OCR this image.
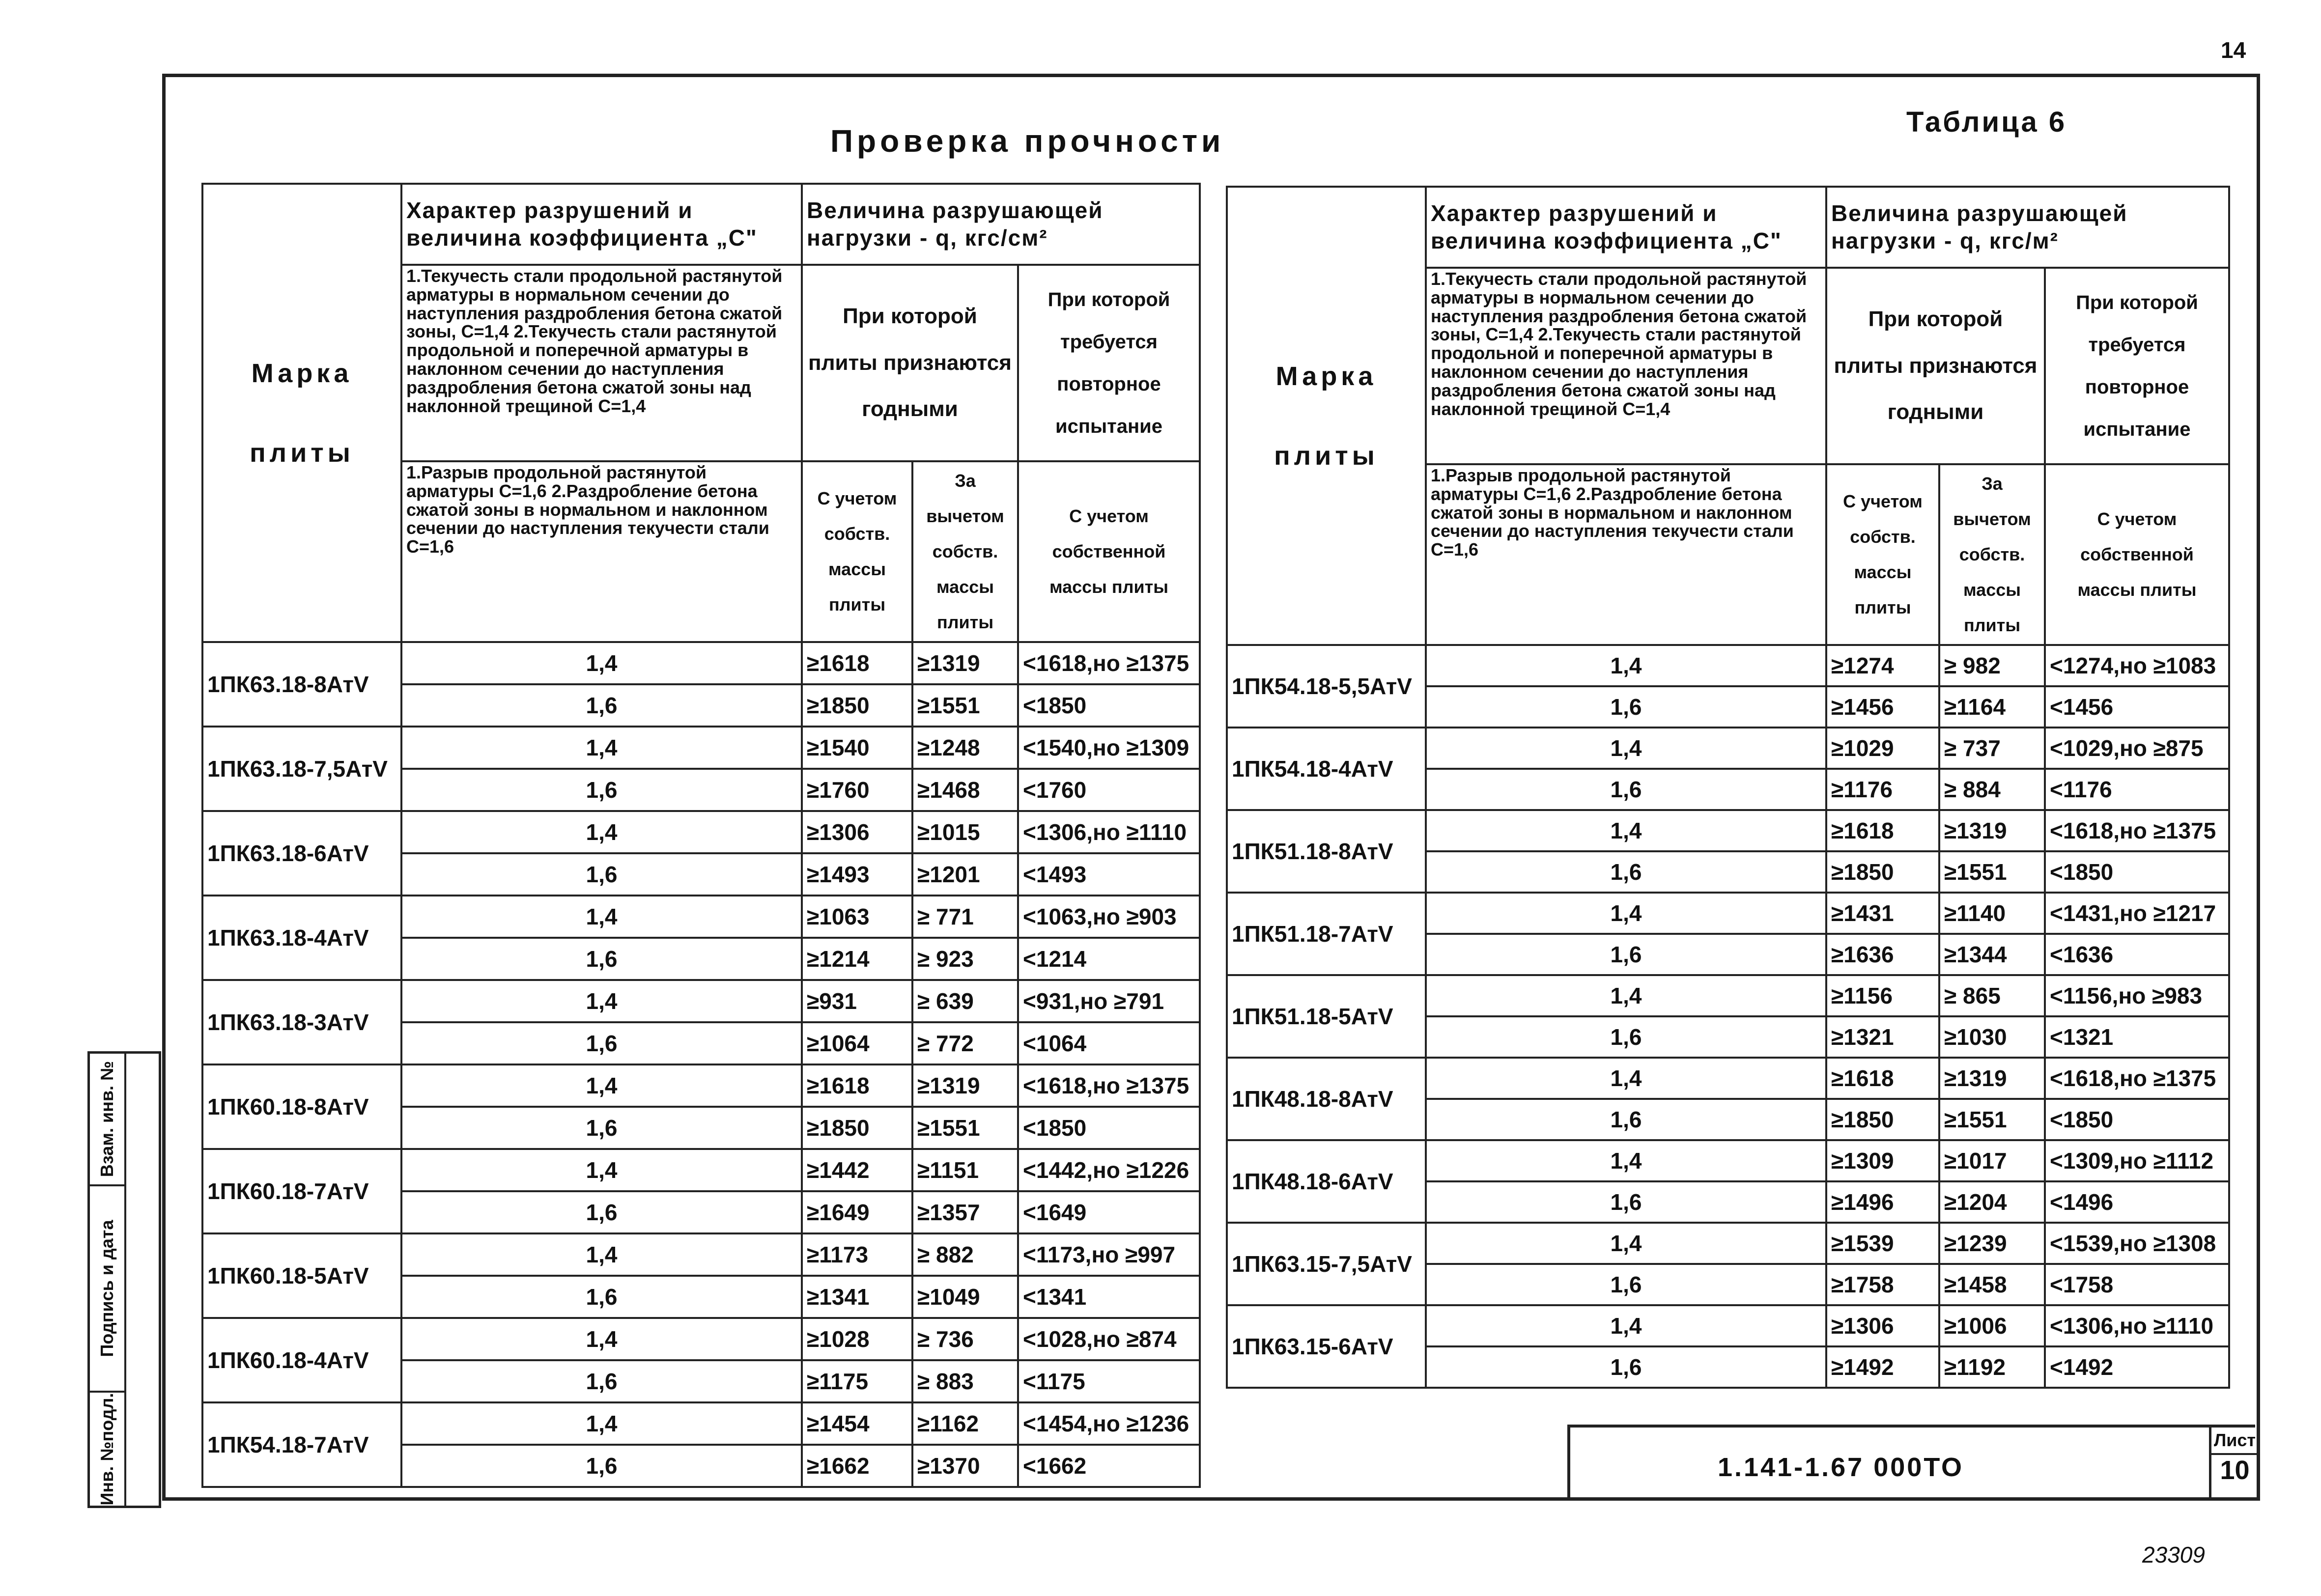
Взам. инв. №
Подпись и дата
Инв. №подл.
14
Проверка прочности
Таблица 6
Марка плиты	Характер разрушений и величина коэффициента „С"	Величина разрушающей нагрузки - q, кгс/см²		
	1.Текучесть стали продольной растянутой арматуры в нормальном сечении до наступления раздробления бетона сжатой зоны, С=1,4 2.Текучесть стали растянутой продольной и поперечной арматуры в наклонном сечении до наступления раздробления бетона сжатой зоны над наклонной трещиной С=1,4	При которой плиты признаются годными		При которой требуется повторное испытание
	1.Разрыв продольной растянутой арматуры С=1,6 2.Раздробление бетона сжатой зоны в нормальном и наклонном сечении до наступления текучести стали С=1,6	С учетом собств. массы плиты	За вычетом собств. массы плиты	С учетом собственной массы плиты
1ПК63.18-8АтV	1,4	≥1618	≥1319	<1618,но ≥1375
	1,6	≥1850	≥1551	<1850
1ПК63.18-7,5АтV	1,4	≥1540	≥1248	<1540,но ≥1309
	1,6	≥1760	≥1468	<1760
1ПК63.18-6АтV	1,4	≥1306	≥1015	<1306,но ≥1110
	1,6	≥1493	≥1201	<1493
1ПК63.18-4АтV	1,4	≥1063	≥ 771	<1063,но ≥903
	1,6	≥1214	≥ 923	<1214
1ПК63.18-3АтV	1,4	≥931	≥ 639	<931,но ≥791
	1,6	≥1064	≥ 772	<1064
1ПК60.18-8АтV	1,4	≥1618	≥1319	<1618,но ≥1375
	1,6	≥1850	≥1551	<1850
1ПК60.18-7АтV	1,4	≥1442	≥1151	<1442,но ≥1226
	1,6	≥1649	≥1357	<1649
1ПК60.18-5АтV	1,4	≥1173	≥ 882	<1173,но ≥997
	1,6	≥1341	≥1049	<1341
1ПК60.18-4АтV	1,4	≥1028	≥ 736	<1028,но ≥874
	1,6	≥1175	≥ 883	<1175
1ПК54.18-7АтV	1,4	≥1454	≥1162	<1454,но ≥1236
	1,6	≥1662	≥1370	<1662
Марка плиты	Характер разрушений и величина коэффициента „С"	Величина разрушающей нагрузки - q, кгс/м²		
	1.Текучесть стали продольной растянутой арматуры в нормальном сечении до наступления раздробления бетона сжатой зоны, С=1,4 2.Текучесть стали растянутой продольной и поперечной арматуры в наклонном сечении до наступления раздробления бетона сжатой зоны над наклонной трещиной С=1,4	При которой плиты признаются годными		При которой требуется повторное испытание
	1.Разрыв продольной растянутой арматуры С=1,6 2.Раздробление бетона сжатой зоны в нормальном и наклонном сечении до наступления текучести стали С=1,6	С учетом собств. массы плиты	За вычетом собств. массы плиты	С учетом собственной массы плиты
1ПК54.18-5,5АтV	1,4	≥1274	≥ 982	<1274,но ≥1083
	1,6	≥1456	≥1164	<1456
1ПК54.18-4АтV	1,4	≥1029	≥ 737	<1029,но ≥875
	1,6	≥1176	≥ 884	<1176
1ПК51.18-8АтV	1,4	≥1618	≥1319	<1618,но ≥1375
	1,6	≥1850	≥1551	<1850
1ПК51.18-7АтV	1,4	≥1431	≥1140	<1431,но ≥1217
	1,6	≥1636	≥1344	<1636
1ПК51.18-5АтV	1,4	≥1156	≥ 865	<1156,но ≥983
	1,6	≥1321	≥1030	<1321
1ПК48.18-8АтV	1,4	≥1618	≥1319	<1618,но ≥1375
	1,6	≥1850	≥1551	<1850
1ПК48.18-6АтV	1,4	≥1309	≥1017	<1309,но ≥1112
	1,6	≥1496	≥1204	<1496
1ПК63.15-7,5АтV	1,4	≥1539	≥1239	<1539,но ≥1308
	1,6	≥1758	≥1458	<1758
1ПК63.15-6АтV	1,4	≥1306	≥1006	<1306,но ≥1110
	1,6	≥1492	≥1192	<1492
1.141-1.67 000ТО
Лист
10
23309
